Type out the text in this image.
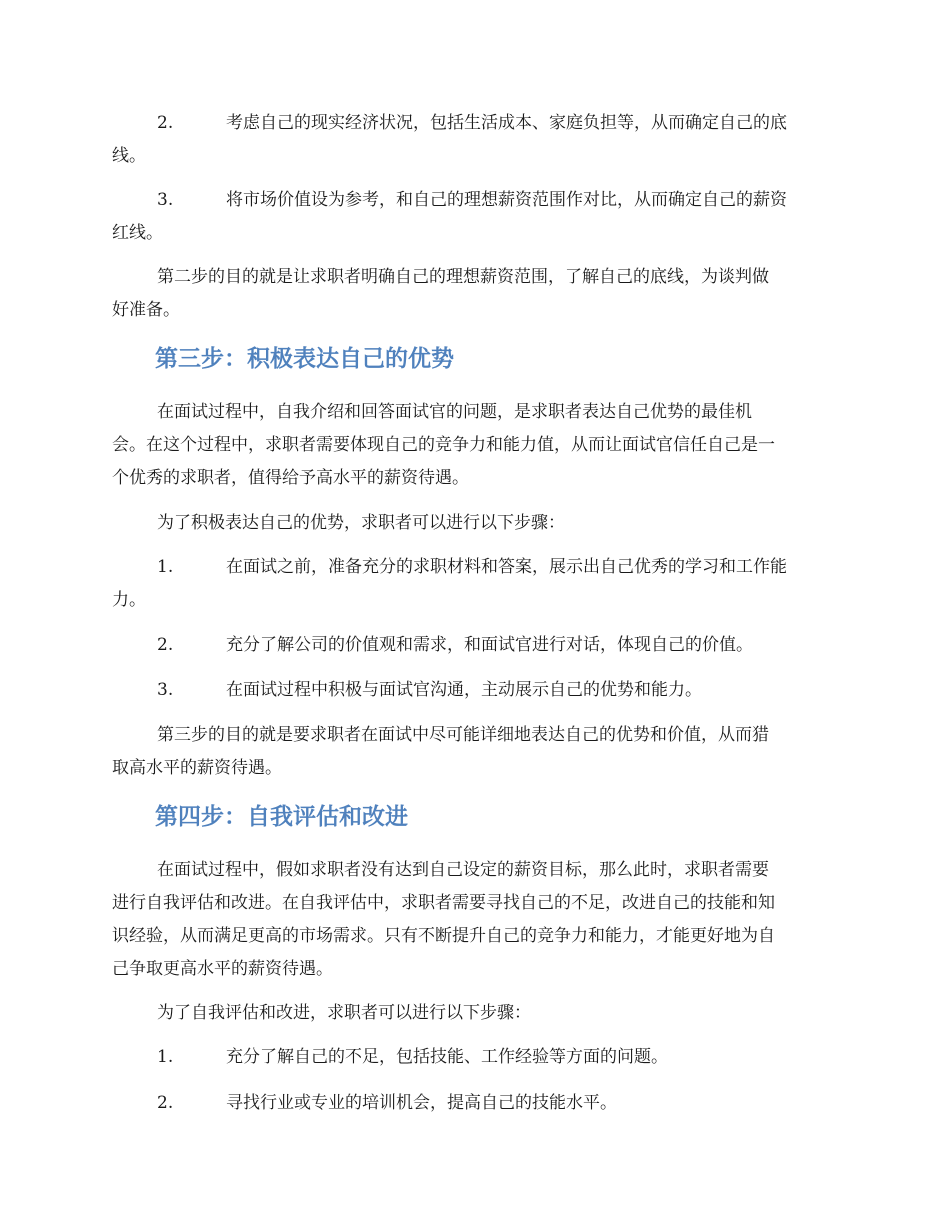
2.	考虑自己的现实经济状况，包括生活成本、家庭负担等，从而确定自己的底
线。
3.	将市场价值设为参考，和自己的理想薪资范围作对比，从而确定自己的薪资
红线。
第二步的目的就是让求职者明确自己的理想薪资范围，了解自己的底线，为谈判做
好准备。
第三步：积极表达自己的优势
在面试过程中，自我介绍和回答面试官的问题，是求职者表达自己优势的最佳机
会。在这个过程中，求职者需要体现自己的竞争力和能力值，从而让面试官信任自己是一
个优秀的求职者，值得给予高水平的薪资待遇。
为了积极表达自己的优势，求职者可以进行以下步骤：
1.	在面试之前，准备充分的求职材料和答案，展示出自己优秀的学习和工作能
力。
2.	充分了解公司的价值观和需求，和面试官进行对话，体现自己的价值。
3.	在面试过程中积极与面试官沟通，主动展示自己的优势和能力。
第三步的目的就是要求职者在面试中尽可能详细地表达自己的优势和价值，从而猎
取高水平的薪资待遇。
第四步：自我评估和改进
在面试过程中，假如求职者没有达到自己设定的薪资目标，那么此时，求职者需要
进行自我评估和改进。在自我评估中，求职者需要寻找自己的不足，改进自己的技能和知
识经验，从而满足更高的市场需求。只有不断提升自己的竞争力和能力，才能更好地为自
己争取更高水平的薪资待遇。
为了自我评估和改进，求职者可以进行以下步骤：
1.	充分了解自己的不足，包括技能、工作经验等方面的问题。
2.	寻找行业或专业的培训机会，提高自己的技能水平。
